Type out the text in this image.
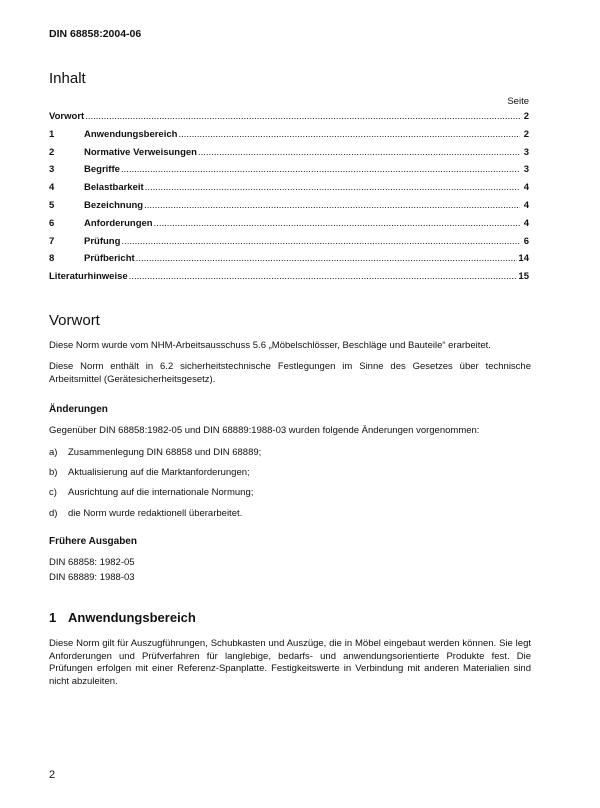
DIN 68858:2004-06
Inhalt
Seite
Vorwort .....	2
1	Anwendungsbereich .....	2
2	Normative Verweisungen .....	3
3	Begriffe .....	3
4	Belastbarkeit .....	4
5	Bezeichnung .....	4
6	Anforderungen .....	4
7	Prüfung .....	6
8	Prüfbericht .....	14
Literaturhinweise .....	15
Vorwort

Diese Norm wurde vom NHM-Arbeitsausschuss 5.6 „Möbelschlösser, Beschläge und Bauteile“ erarbeitet.

Diese Norm enthält in 6.2 sicherheitstechnische Festlegungen im Sinne des Gesetzes über technische Arbeitsmittel (Gerätesicherheitsgesetz).

Änderungen
Gegenüber DIN 68858:1982-05 und DIN 68889:1988-03 wurden folgende Änderungen vorgenommen:
a)	Zusammenlegung DIN 68858 und DIN 68889;
b)	Aktualisierung auf die Marktanforderungen;
c)	Ausrichtung auf die internationale Normung;
d)	die Norm wurde redaktionell überarbeitet.
Frühere Ausgaben
DIN 68858: 1982-05
DIN 68889: 1988-03
1 Anwendungsbereich

Diese Norm gilt für Auszugführungen, Schubkasten und Auszüge, die in Möbel eingebaut werden können. Sie legt Anforderungen und Prüfverfahren für langlebige, bedarfs- und anwendungsorientierte Produkte fest. Die Prüfungen erfolgen mit einer Referenz-Spanplatte. Festigkeitswerte in Verbindung mit anderen Materialien sind nicht abzuleiten.

2
